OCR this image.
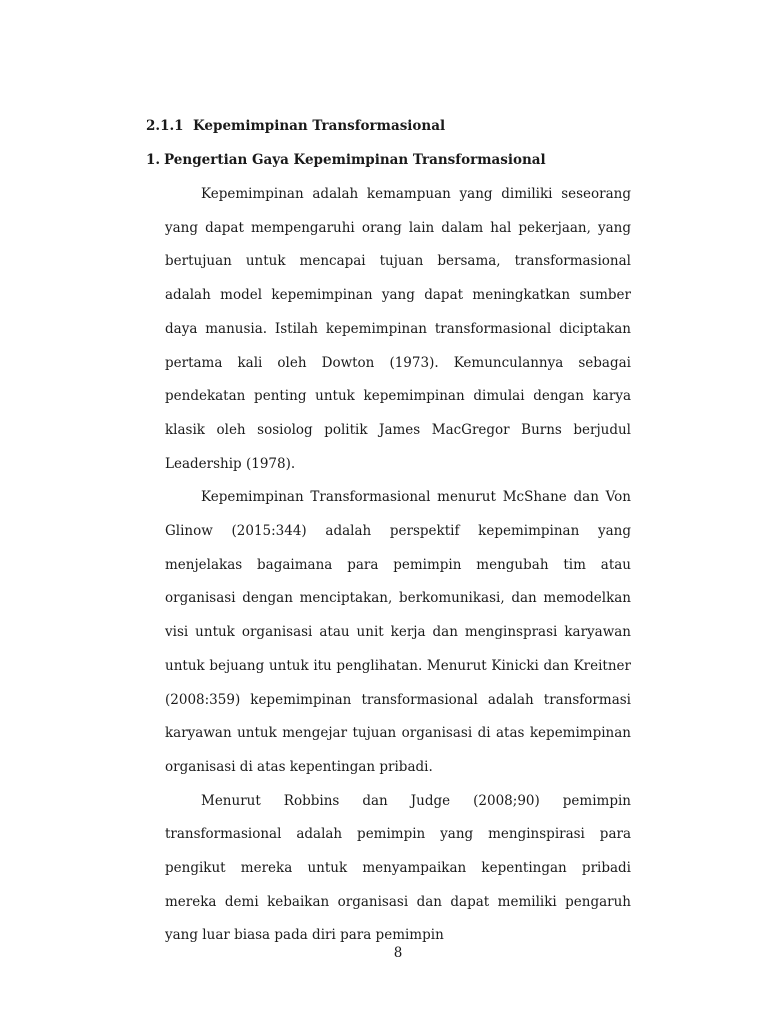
2.1.1 Kepemimpinan Transformasional
1. Pengertian Gaya Kepemimpinan Transformasional

Kepemimpinan adalah kemampuan yang dimiliki seseorang yang dapat mempengaruhi orang lain dalam hal pekerjaan, yang bertujuan untuk mencapai tujuan bersama, transformasional adalah model kepemimpinan yang dapat meningkatkan sumber daya manusia. Istilah kepemimpinan transformasional diciptakan pertama kali oleh Dowton (1973). Kemunculannya sebagai pendekatan penting untuk kepemimpinan dimulai dengan karya klasik oleh sosiolog politik James MacGregor Burns berjudul Leadership (1978).

Kepemimpinan Transformasional menurut McShane dan Von Glinow (2015:344) adalah perspektif kepemimpinan yang menjelakas bagaimana para pemimpin mengubah tim atau organisasi dengan menciptakan, berkomunikasi, dan memodelkan visi untuk organisasi atau unit kerja dan menginsprasi karyawan untuk bejuang untuk itu penglihatan. Menurut Kinicki dan Kreitner (2008:359) kepemimpinan transformasional adalah transformasi karyawan untuk mengejar tujuan organisasi di atas kepemimpinan organisasi di atas kepentingan pribadi.

Menurut Robbins dan Judge (2008;90) pemimpin transformasional adalah pemimpin yang menginspirasi para pengikut mereka untuk menyampaikan kepentingan pribadi mereka demi kebaikan organisasi dan dapat memiliki pengaruh yang luar biasa pada diri para pemimpin

8
